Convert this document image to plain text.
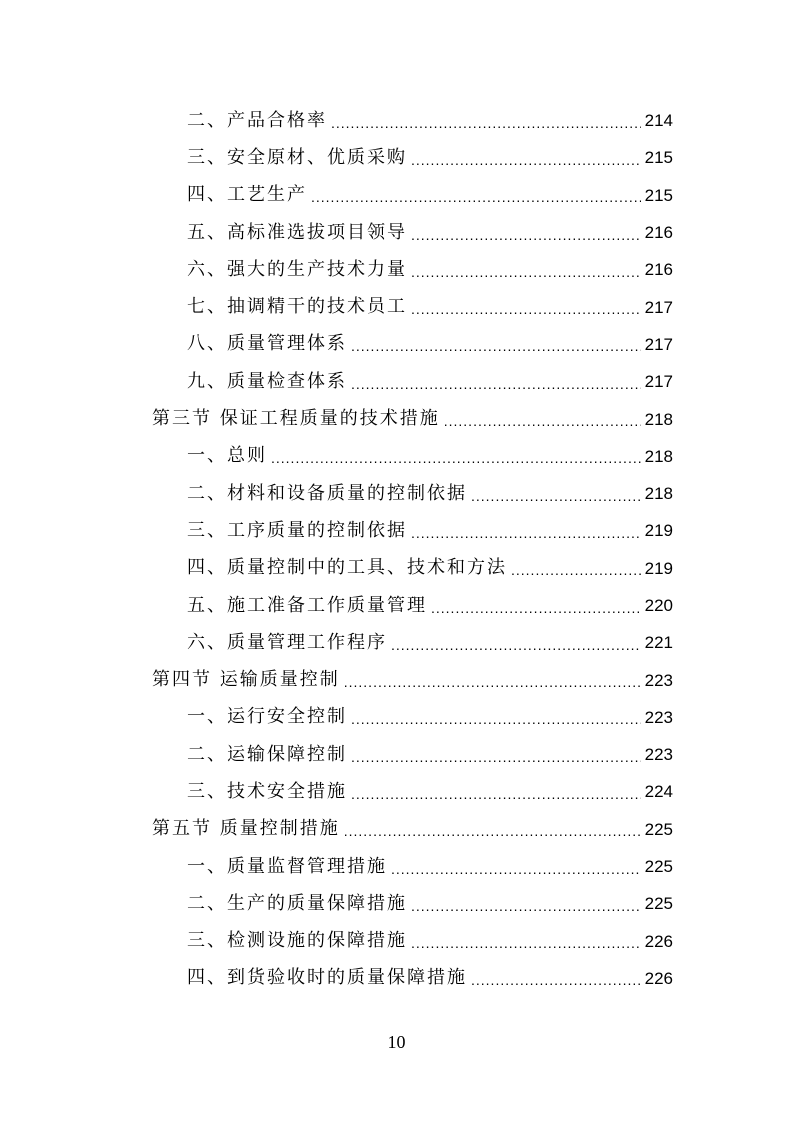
二、产品合格率 .....	214
三、安全原材、优质采购 .....	215
四、工艺生产 .....	215
五、高标准选拔项目领导 .....	216
六、强大的生产技术力量 .....	216
七、抽调精干的技术员工 .....	217
八、质量管理体系 .....	217
九、质量检查体系 .....	217
第三节 保证工程质量的技术措施 .....	218
一、总则 .....	218
二、材料和设备质量的控制依据 .....	218
三、工序质量的控制依据 .....	219
四、质量控制中的工具、技术和方法 .....	219
五、施工准备工作质量管理 .....	220
六、质量管理工作程序 .....	221
第四节 运输质量控制 .....	223
一、运行安全控制 .....	223
二、运输保障控制 .....	223
三、技术安全措施 .....	224
第五节 质量控制措施 .....	225
一、质量监督管理措施 .....	225
二、生产的质量保障措施 .....	225
三、检测设施的保障措施 .....	226
四、到货验收时的质量保障措施 .....	226
10
